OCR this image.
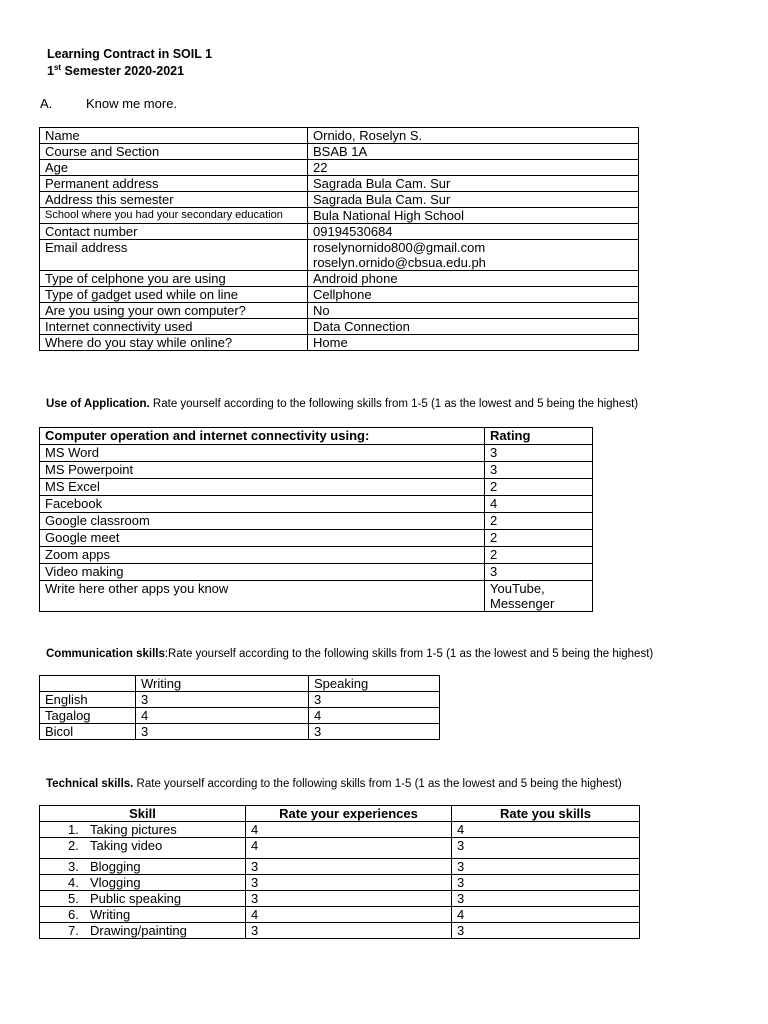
Learning Contract in SOIL 1
1st Semester 2020-2021
A.	Know me more.
Name	Ornido, Roselyn S.
Course and Section	BSAB 1A
Age	22
Permanent address	Sagrada Bula Cam. Sur
Address this semester	Sagrada Bula Cam. Sur
School where you had your secondary education	Bula National High School
Contact number	09194530684
Email address	roselynornido800@gmail.com
roselyn.ornido@cbsua.edu.ph

Type of celphone you are using	Android phone
Type of gadget used while on line	Cellphone
Are you using your own computer?	No
Internet connectivity used	Data Connection
Where do you stay while online?	Home
Use of Application. Rate yourself according to the following skills from 1-5 (1 as the lowest and 5 being the highest)
Computer operation and internet connectivity using:	Rating
MS Word	3
MS Powerpoint	3
MS Excel	2
Facebook	4
Google classroom	2
Google meet	2
Zoom apps	2
Video making	3
Write here other apps you know	YouTube,
Messenger
Communication skills:Rate yourself according to the following skills from 1-5 (1 as the lowest and 5 being the highest)
	Writing	Speaking
English	3	3
Tagalog	4	4
Bicol	3	3
Technical skills. Rate yourself according to the following skills from 1-5 (1 as the lowest and 5 being the highest)
Skill	Rate your experiences	Rate you skills
1. Taking pictures	4	4
2. Taking video	4	3
3. Blogging	3	3
4. Vlogging	3	3
5. Public speaking	3	3
6. Writing	4	4
7. Drawing/painting	3	3
